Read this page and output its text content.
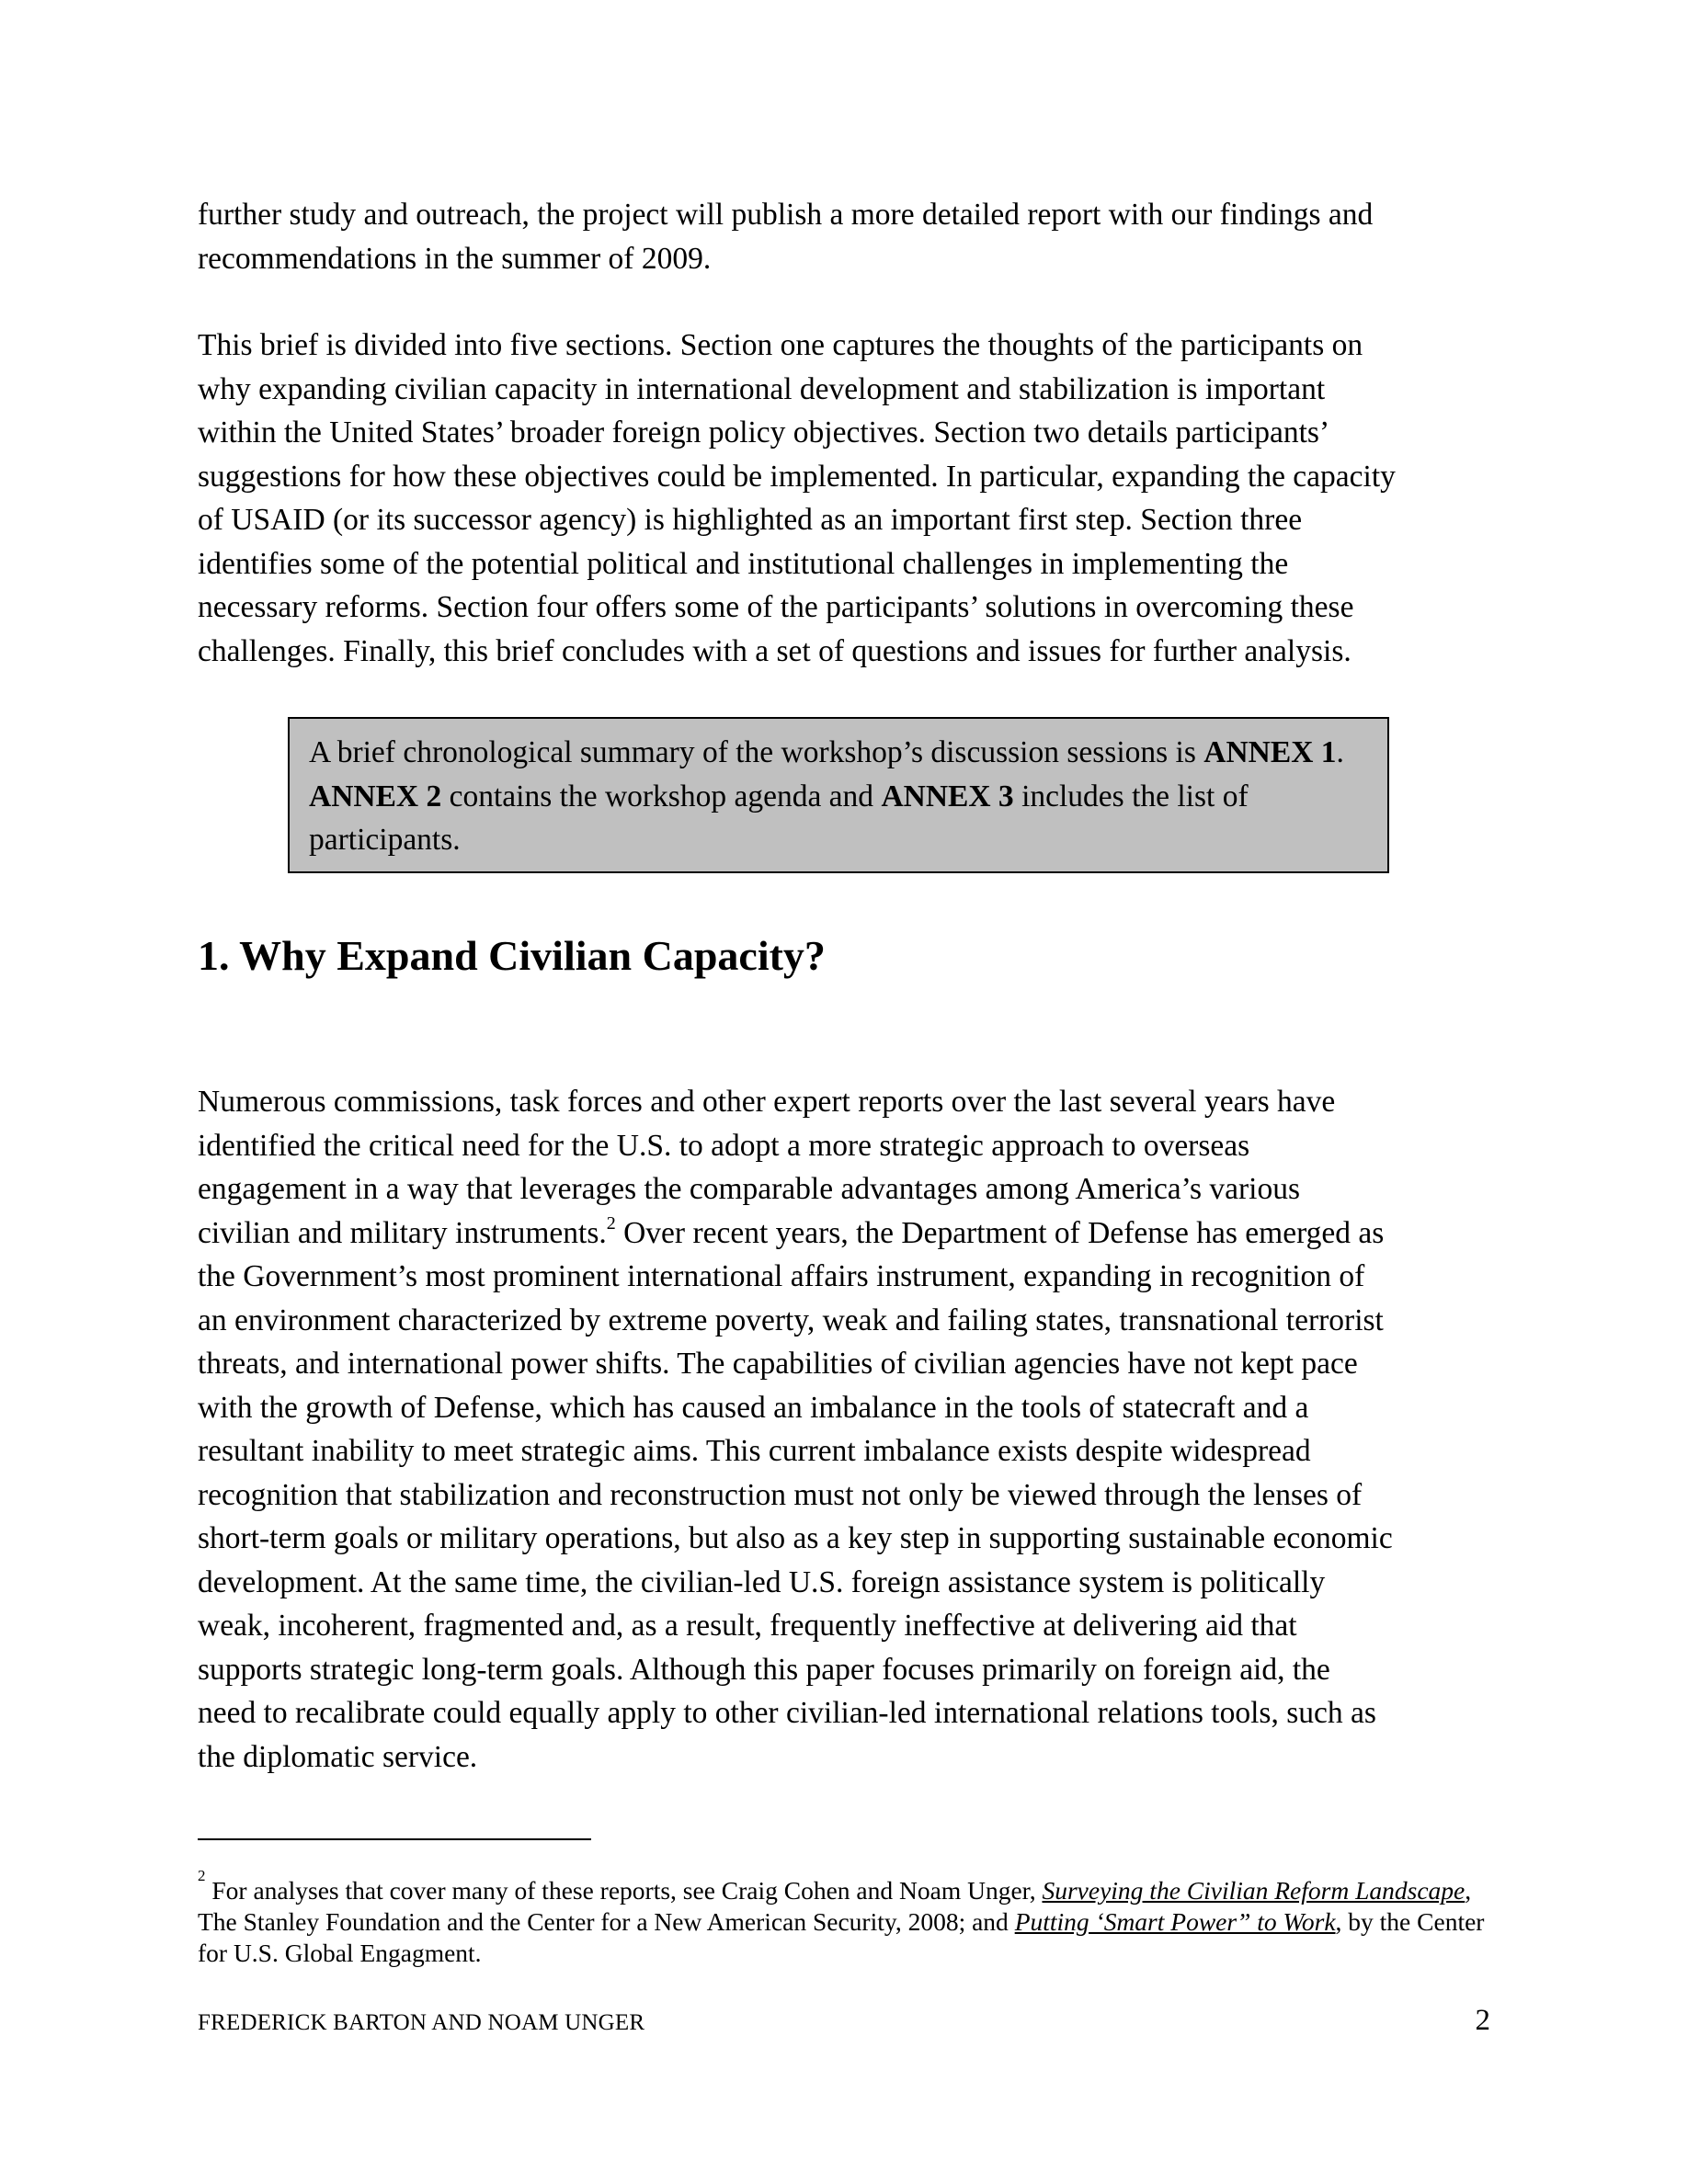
further study and outreach, the project will publish a more detailed report with our findings and
recommendations in the summer of 2009.

This brief is divided into five sections. Section one captures the thoughts of the participants on
why expanding civilian capacity in international development and stabilization is important
within the United States’ broader foreign policy objectives. Section two details participants’
suggestions for how these objectives could be implemented. In particular, expanding the capacity
of USAID (or its successor agency) is highlighted as an important first step. Section three
identifies some of the potential political and institutional challenges in implementing the
necessary reforms. Section four offers some of the participants’ solutions in overcoming these
challenges. Finally, this brief concludes with a set of questions and issues for further analysis.

A brief chronological summary of the workshop’s discussion sessions is ANNEX 1. ANNEX 2 contains the workshop agenda and ANNEX 3 includes the list of participants.
1. Why Expand Civilian Capacity?

Numerous commissions, task forces and other expert reports over the last several years have
identified the critical need for the U.S. to adopt a more strategic approach to overseas
engagement in a way that leverages the comparable advantages among America’s various
civilian and military instruments.$^2$ Over recent years, the Department of Defense has emerged as
the Government’s most prominent international affairs instrument, expanding in recognition of
an environment characterized by extreme poverty, weak and failing states, transnational terrorist
threats, and international power shifts. The capabilities of civilian agencies have not kept pace
with the growth of Defense, which has caused an imbalance in the tools of statecraft and a
resultant inability to meet strategic aims. This current imbalance exists despite widespread
recognition that stabilization and reconstruction must not only be viewed through the lenses of
short-term goals or military operations, but also as a key step in supporting sustainable economic
development. At the same time, the civilian-led U.S. foreign assistance system is politically
weak, incoherent, fragmented and, as a result, frequently ineffective at delivering aid that
supports strategic long-term goals. Although this paper focuses primarily on foreign aid, the
need to recalibrate could equally apply to other civilian-led international relations tools, such as
the diplomatic service.

$^2$ For analyses that cover many of these reports, see Craig Cohen and Noam Unger, Surveying the Civilian Reform Landscape, The Stanley Foundation and the Center for a New American Security, 2008; and Putting ‘Smart Power” to Work, by the Center for U.S. Global Engagment.

FREDERICK BARTON AND NOAM UNGER	2
